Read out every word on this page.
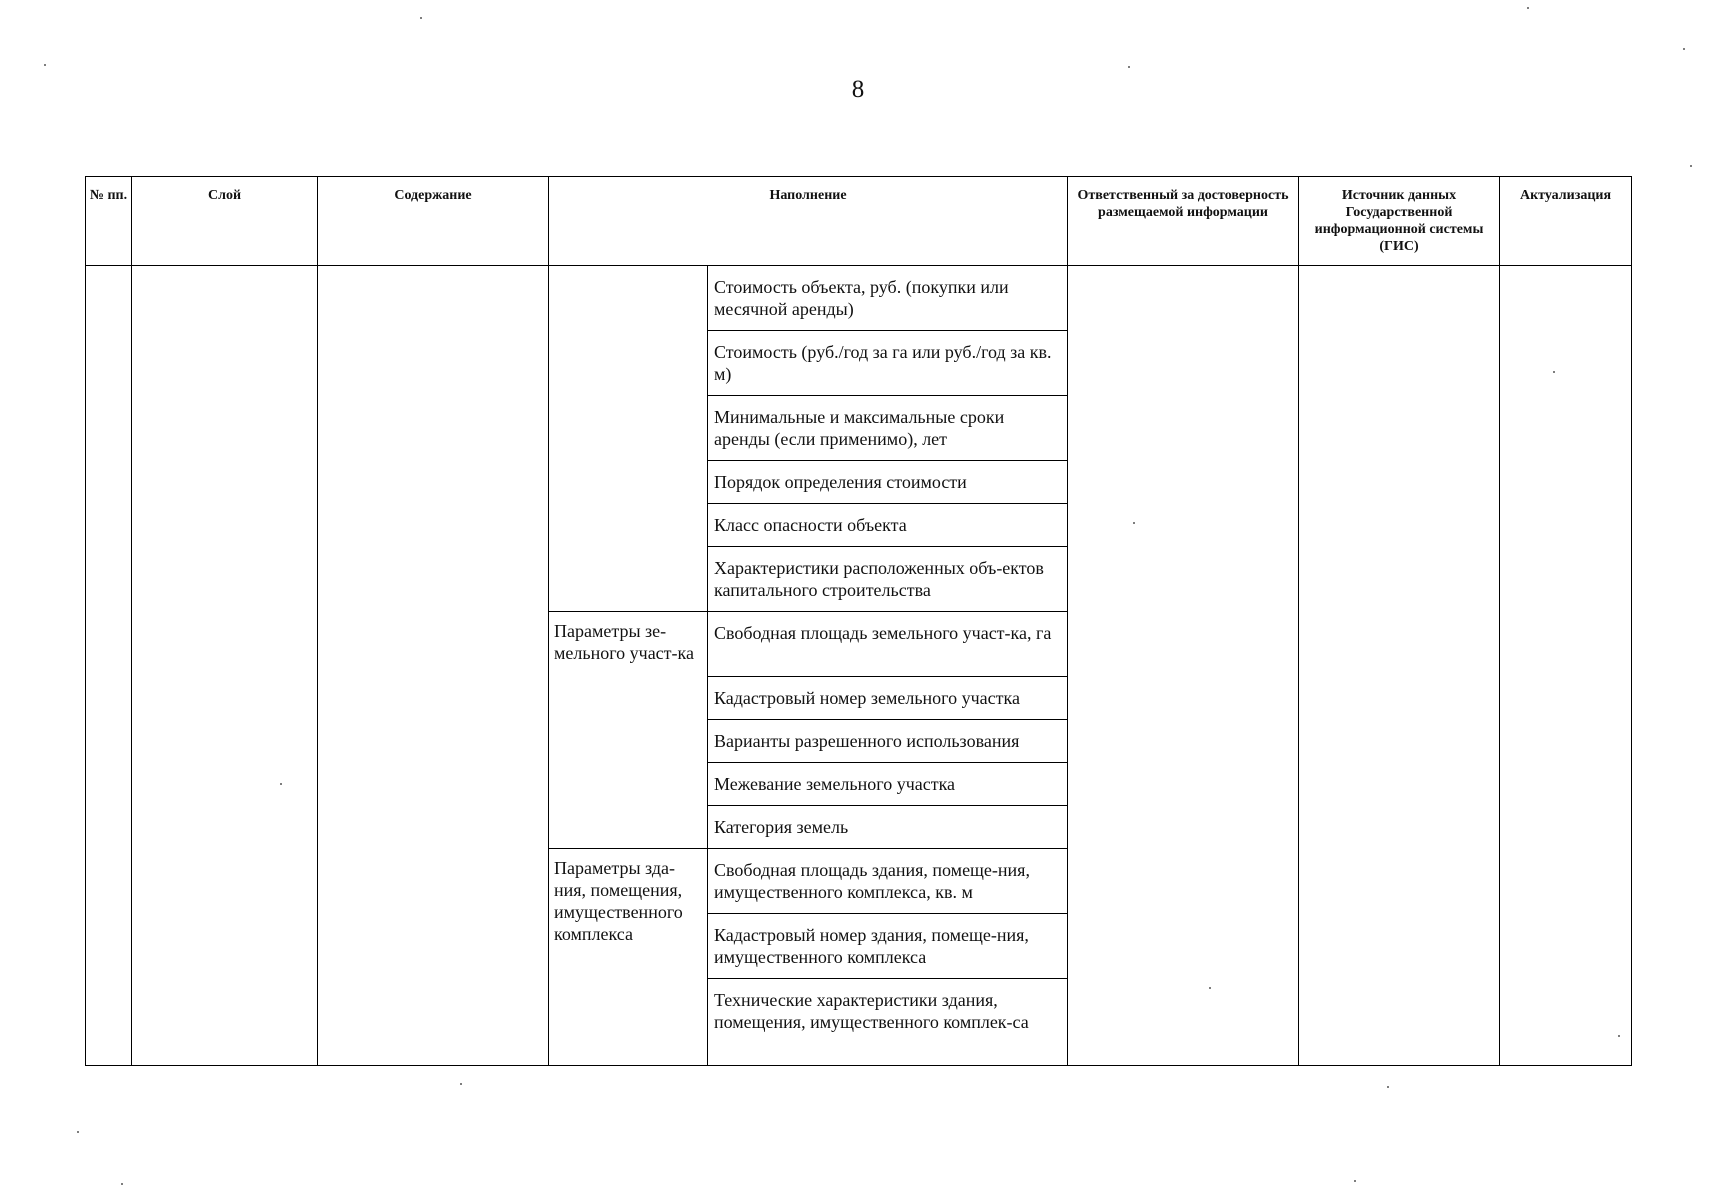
8
№ пп.	Слой	Содержание	Наполнение		Ответственный за достоверность размещаемой информации	Источник данных Государственной информационной системы (ГИС)	Актуализация
				Стоимость объекта, руб. (покупки или месячной аренды)			
				Стоимость (руб./год за га или руб./год за кв. м)			
				Минимальные и максимальные сроки аренды (если применимо), лет			
				Порядок определения стоимости			
				Класс опасности объекта			
				Характеристики расположенных объ-ектов капитального строительства			
			Параметры зе-мельного участ-ка	Свободная площадь земельного участ-ка, га			
				Кадастровый номер земельного участка			
				Варианты разрешенного использования			
				Межевание земельного участка			
				Категория земель			
			Параметры зда-ния, помещения, имущественного комплекса	Свободная площадь здания, помеще-ния, имущественного комплекса, кв. м			
				Кадастровый номер здания, помеще-ния, имущественного комплекса			
				Технические характеристики здания, помещения, имущественного комплек-са			
